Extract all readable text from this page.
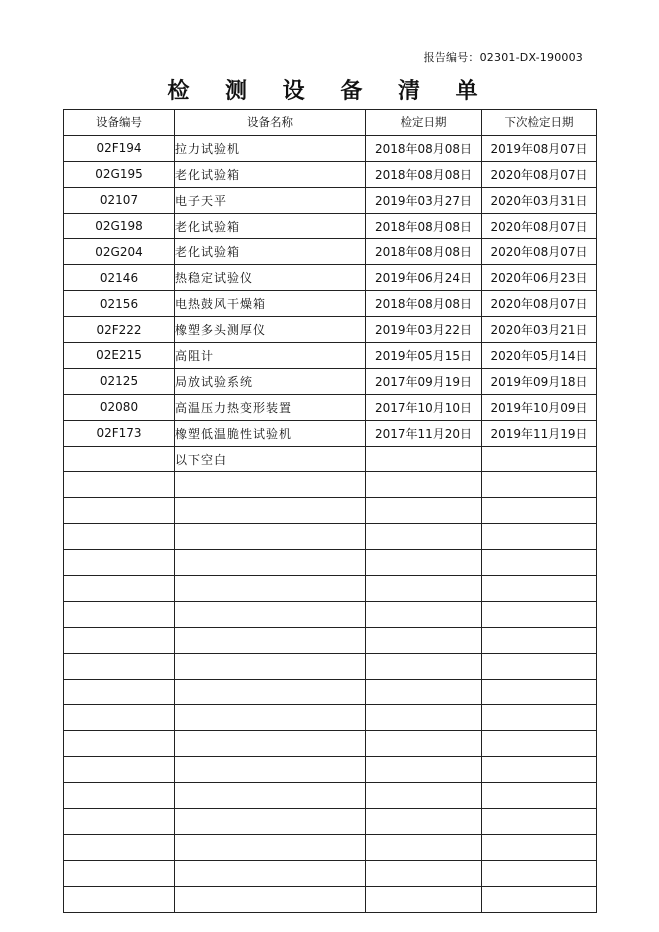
报告编号：02301-DX-190003
检 测 设 备 清 单
设备编号	设备名称	检定日期	下次检定日期
02F194	拉力试验机	2018年08月08日	2019年08月07日
02G195	老化试验箱	2018年08月08日	2020年08月07日
02107	电子天平	2019年03月27日	2020年03月31日
02G198	老化试验箱	2018年08月08日	2020年08月07日
02G204	老化试验箱	2018年08月08日	2020年08月07日
02146	热稳定试验仪	2019年06月24日	2020年06月23日
02156	电热鼓风干燥箱	2018年08月08日	2020年08月07日
02F222	橡塑多头测厚仪	2019年03月22日	2020年03月21日
02E215	高阻计	2019年05月15日	2020年05月14日
02125	局放试验系统	2017年09月19日	2019年09月18日
02080	高温压力热变形装置	2017年10月10日	2019年10月09日
02F173	橡塑低温脆性试验机	2017年11月20日	2019年11月19日
	以下空白		
